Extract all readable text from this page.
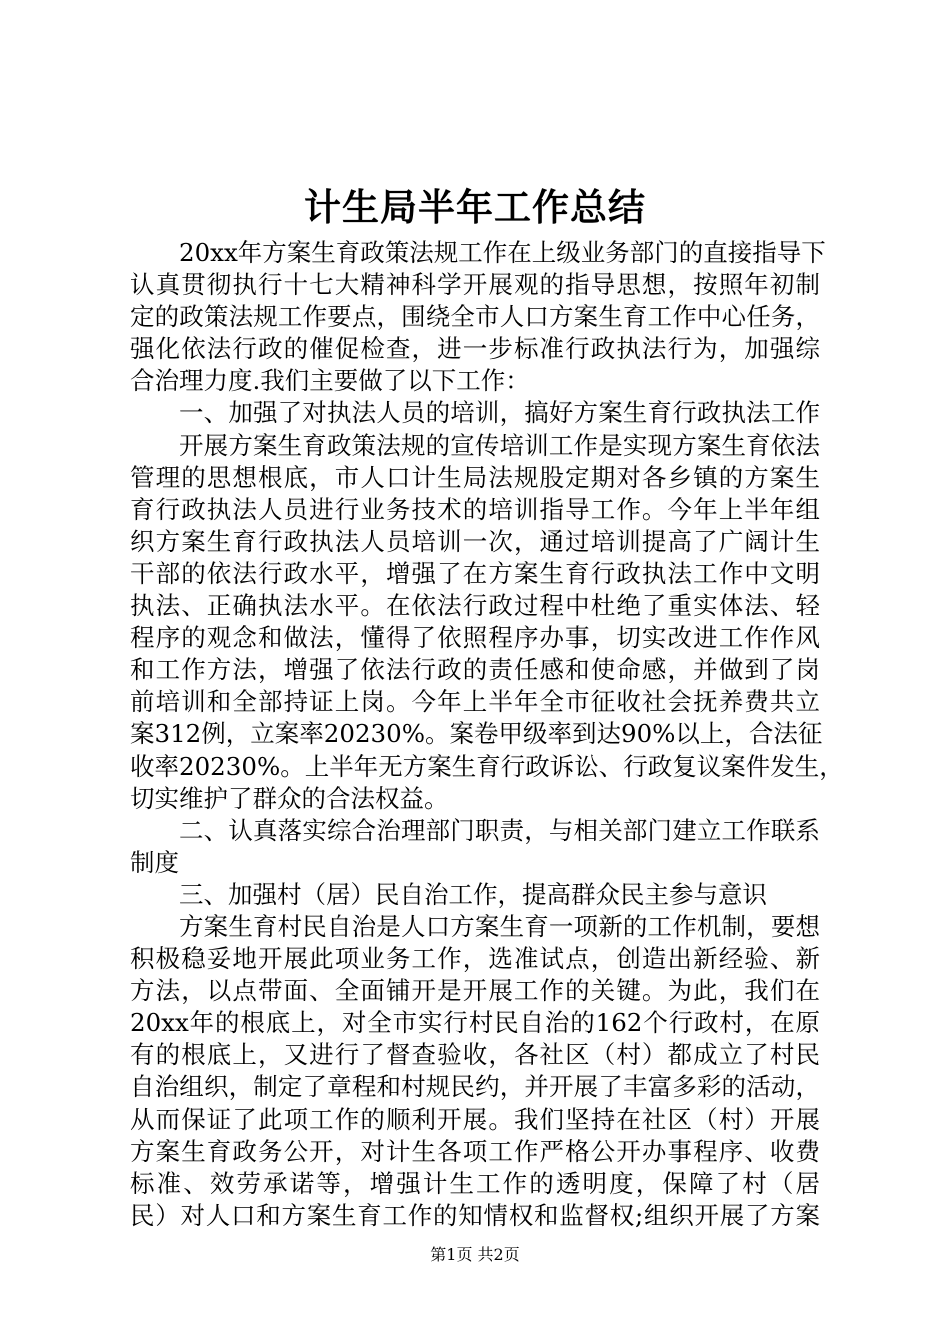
计生局半年工作总结
20xx年方案生育政策法规工作在上级业务部门的直接指导下
认真贯彻执行十七大精神科学开展观的指导思想，按照年初制
定的政策法规工作要点，围绕全市人口方案生育工作中心任务，
强化依法行政的催促检查，进一步标准行政执法行为，加强综
合治理力度.我们主要做了以下工作：
一、加强了对执法人员的培训，搞好方案生育行政执法工作
开展方案生育政策法规的宣传培训工作是实现方案生育依法
管理的思想根底，市人口计生局法规股定期对各乡镇的方案生
育行政执法人员进行业务技术的培训指导工作。今年上半年组
织方案生育行政执法人员培训一次，通过培训提高了广阔计生
干部的依法行政水平，增强了在方案生育行政执法工作中文明
执法、正确执法水平。在依法行政过程中杜绝了重实体法、轻
程序的观念和做法，懂得了依照程序办事，切实改进工作作风
和工作方法，增强了依法行政的责任感和使命感，并做到了岗
前培训和全部持证上岗。今年上半年全市征收社会抚养费共立
案312例，立案率20230%。案卷甲级率到达90%以上，合法征
收率20230%。上半年无方案生育行政诉讼、行政复议案件发生，
切实维护了群众的合法权益。
二、认真落实综合治理部门职责，与相关部门建立工作联系
制度
三、加强村（居）民自治工作，提高群众民主参与意识
方案生育村民自治是人口方案生育一项新的工作机制，要想
积极稳妥地开展此项业务工作，选准试点，创造出新经验、新
方法，以点带面、全面铺开是开展工作的关键。为此，我们在
20xx年的根底上，对全市实行村民自治的162个行政村，在原
有的根底上，又进行了督查验收，各社区（村）都成立了村民
自治组织，制定了章程和村规民约，并开展了丰富多彩的活动，
从而保证了此项工作的顺利开展。我们坚持在社区（村）开展
方案生育政务公开，对计生各项工作严格公开办事程序、收费
标准、效劳承诺等，增强计生工作的透明度，保障了村（居
民）对人口和方案生育工作的知情权和监督权;组织开展了方案
第1页 共2页
